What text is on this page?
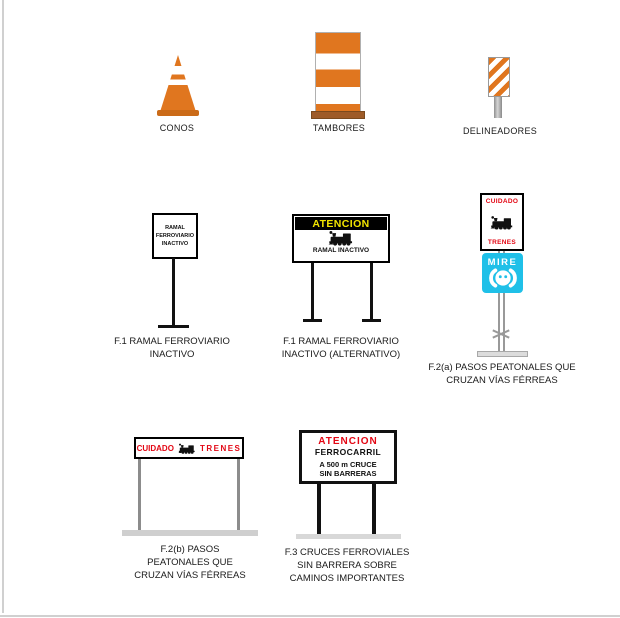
CONOS	TAMBORES	DELINEADORES
RAMAL
FERROVIARIO
INACTIVO
F.1 RAMAL FERROVIARIO
INACTIVO
ATENCION
RAMAL INACTIVO
F.1 RAMAL FERROVIARIO
INACTIVO (ALTERNATIVO)
CUIDADO
TRENES
MIRE
F.2(a) PASOS PEATONALES QUE
CRUZAN VÍAS FÉRREAS
CUIDADO	TRENES
F.2(b) PASOS
PEATONALES QUE
CRUZAN VÍAS FÉRREAS
ATENCION
FERROCARRIL
A 500 m CRUCE
SIN BARRERAS
F.3 CRUCES FERROVIALES
SIN BARRERA SOBRE
CAMINOS IMPORTANTES
